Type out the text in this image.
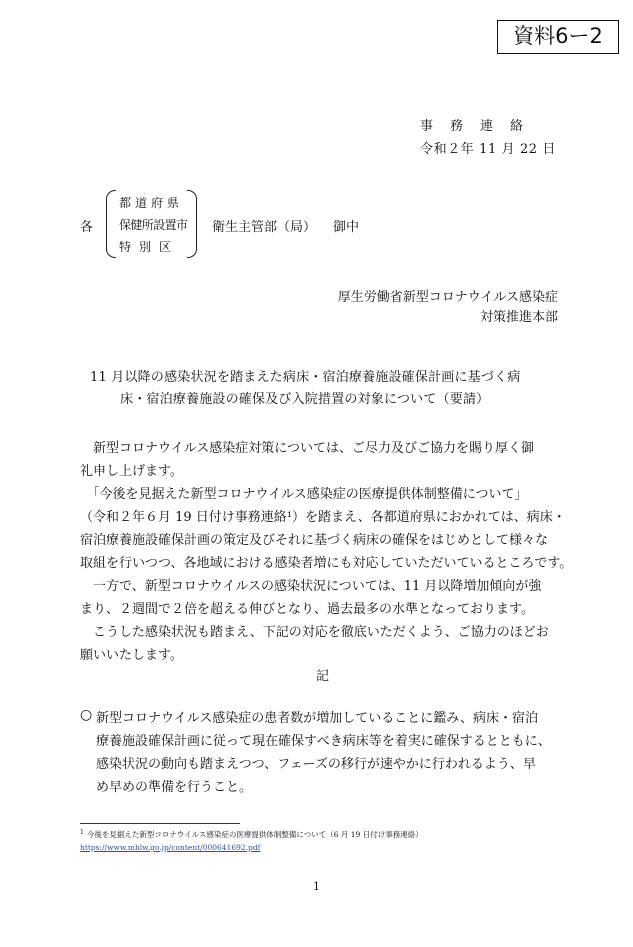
資料6ー2
事務連絡
令和２年 11 月 22 日
各
都道府県
保健所設置市
特別区
衛生主管部（局） 御中
厚生労働省新型コロナウイルス感染症
対策推進本部
11 月以降の感染状況を踏まえた病床・宿泊療養施設確保計画に基づく病
床・宿泊療養施設の確保及び入院措置の対象について（要請）
　新型コロナウイルス感染症対策については、ご尽力及びご協力を賜り厚く御
礼申し上げます。
　「今後を見据えた新型コロナウイルス感染症の医療提供体制整備について」
（令和２年６月 19 日付け事務連絡¹）を踏まえ、各都道府県におかれては、病床・
宿泊療養施設確保計画の策定及びそれに基づく病床の確保をはじめとして様々な
取組を行いつつ、各地域における感染者増にも対応していただいているところです。
　一方で、新型コロナウイルスの感染状況については、11 月以降増加傾向が強
まり、２週間で２倍を超える伸びとなり、過去最多の水準となっております。
　こうした感染状況も踏まえ、下記の対応を徹底いただくよう、ご協力のほどお
願いいたします。
記
○ 新型コロナウイルス感染症の患者数が増加していることに鑑み、病床・宿泊
療養施設確保計画に従って現在確保すべき病床等を着実に確保するとともに、
感染状況の動向も踏まえつつ、フェーズの移行が速やかに行われるよう、早
め早めの準備を行うこと。
$^1$ 今後を見据えた新型コロナウイルス感染症の医療提供体制整備について（6 月 19 日付け事務連絡）
https://www.mhlw.go.jp/content/000641692.pdf
1
